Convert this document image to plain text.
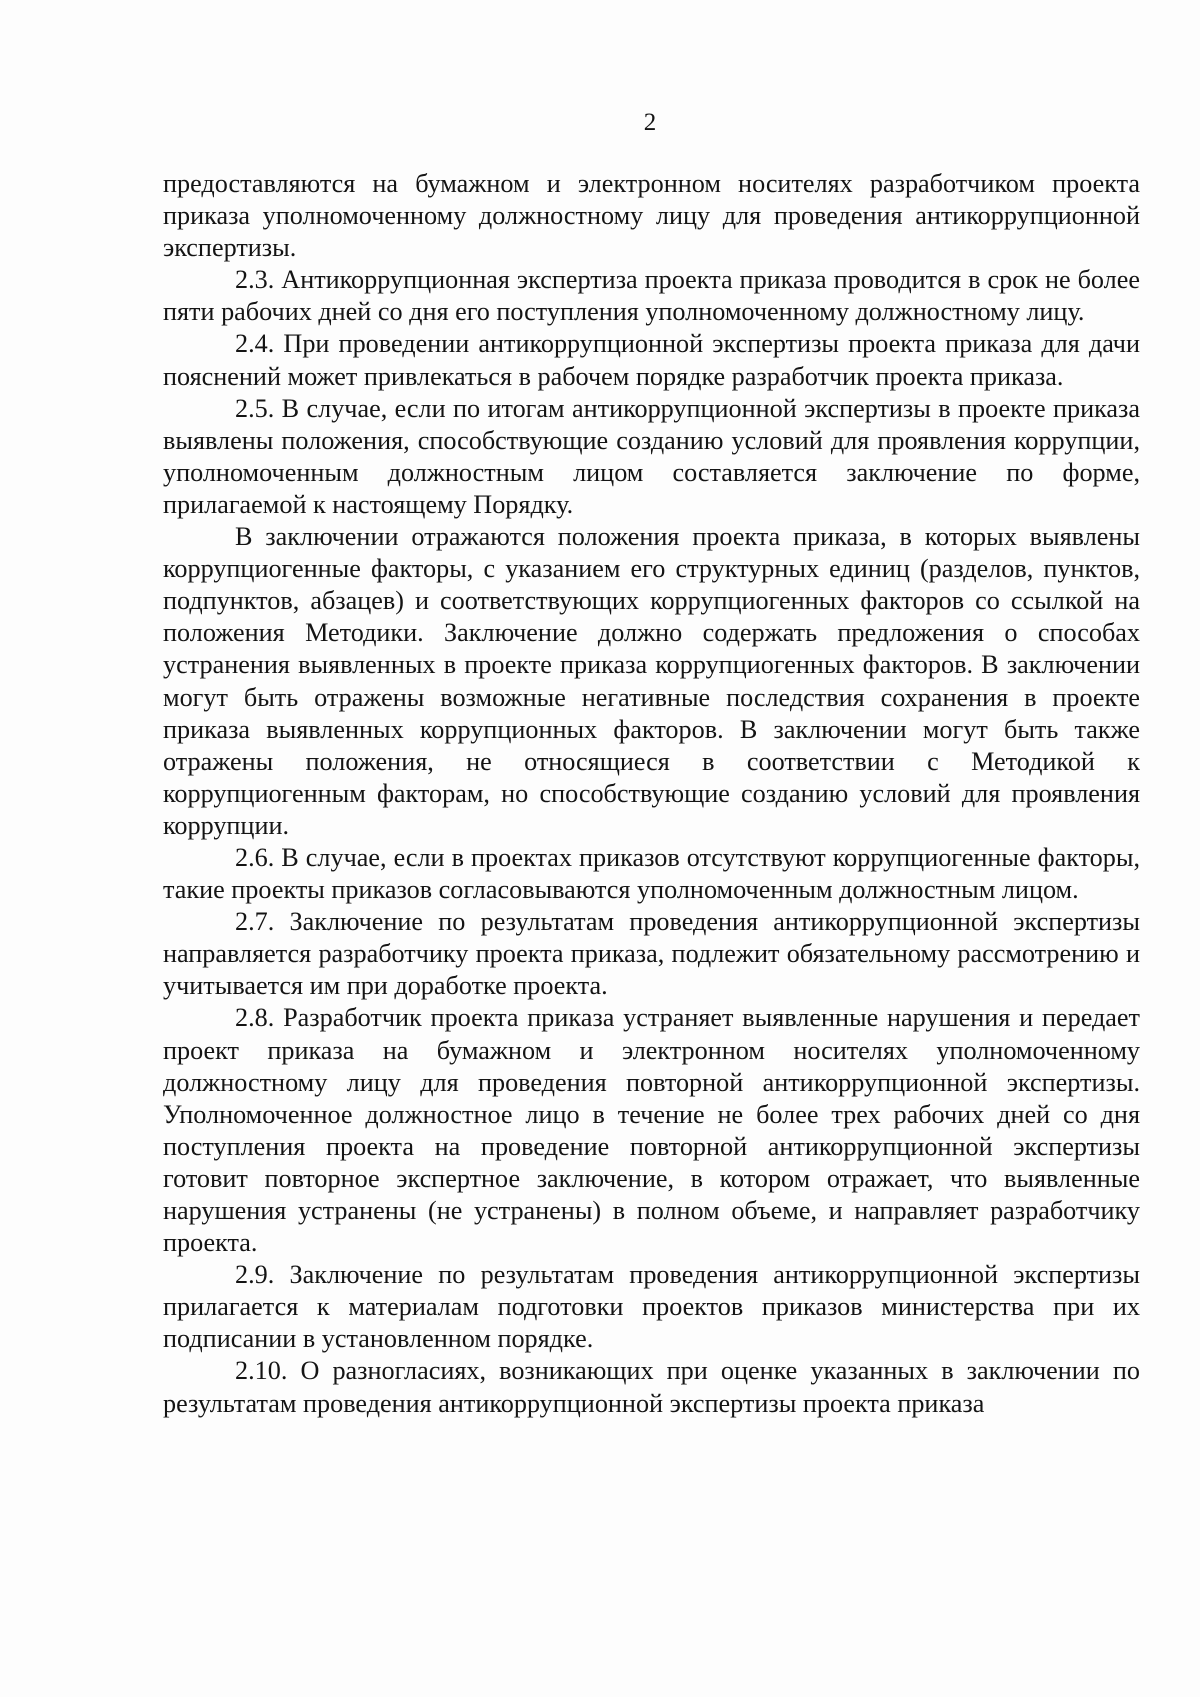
2

предоставляются на бумажном и электронном носителях разработчиком проекта приказа уполномоченному должностному лицу для проведения антикоррупционной экспертизы.

2.3. Антикоррупционная экспертиза проекта приказа проводится в срок не более пяти рабочих дней со дня его поступления уполномоченному должностному лицу.

2.4. При проведении антикоррупционной экспертизы проекта приказа для дачи пояснений может привлекаться в рабочем порядке разработчик проекта приказа.

2.5. В случае, если по итогам антикоррупционной экспертизы в проекте приказа выявлены положения, способствующие созданию условий для проявления коррупции, уполномоченным должностным лицом составляется заключение по форме, прилагаемой к настоящему Порядку.

В заключении отражаются положения проекта приказа, в которых выявлены коррупциогенные факторы, с указанием его структурных единиц (разделов, пунктов, подпунктов, абзацев) и соответствующих коррупциогенных факторов со ссылкой на положения Методики. Заключение должно содержать предложения о способах устранения выявленных в проекте приказа коррупциогенных факторов. В заключении могут быть отражены возможные негативные последствия сохранения в проекте приказа выявленных коррупционных факторов. В заключении могут быть также отражены положения, не относящиеся в соответствии с Методикой к коррупциогенным факторам, но способствующие созданию условий для проявления коррупции.

2.6. В случае, если в проектах приказов отсутствуют коррупциогенные факторы, такие проекты приказов согласовываются уполномоченным должностным лицом.

2.7. Заключение по результатам проведения антикоррупционной экспертизы направляется разработчику проекта приказа, подлежит обязательному рассмотрению и учитывается им при доработке проекта.

2.8. Разработчик проекта приказа устраняет выявленные нарушения и передает проект приказа на бумажном и электронном носителях уполномоченному должностному лицу для проведения повторной антикоррупционной экспертизы. Уполномоченное должностное лицо в течение не более трех рабочих дней со дня поступления проекта на проведение повторной антикоррупционной экспертизы готовит повторное экспертное заключение, в котором отражает, что выявленные нарушения устранены (не устранены) в полном объеме, и направляет разработчику проекта.

2.9. Заключение по результатам проведения антикоррупционной экспертизы прилагается к материалам подготовки проектов приказов министерства при их подписании в установленном порядке.

2.10. О разногласиях, возникающих при оценке указанных в заключении по результатам проведения антикоррупционной экспертизы проекта приказа
